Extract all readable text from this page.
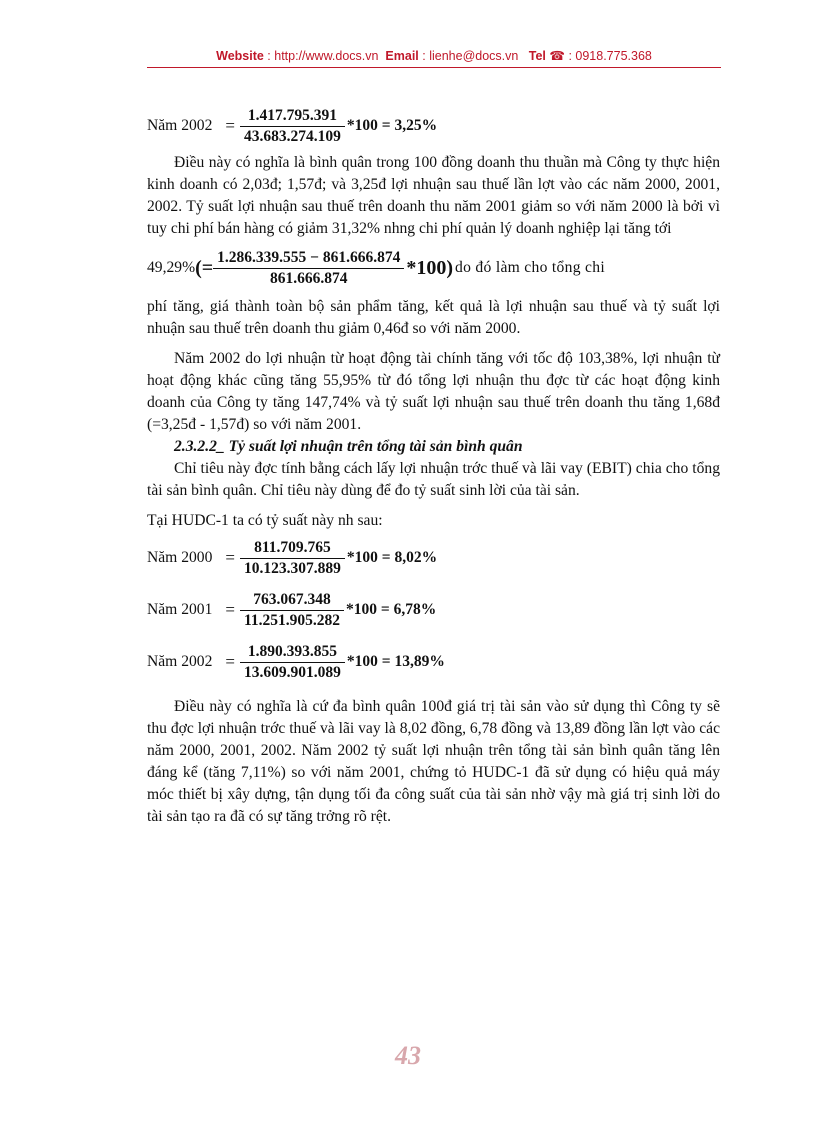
Website : http://www.docs.vn Email : lienhe@docs.vn Tel ☎ : 0918.775.368
Năm $2002 = \frac{1.417.795.391}{43.683.274.109} *100 = 3,25\%$

Điều này có nghĩa là bình quân trong 100 đồng doanh thu thuần mà Công ty thực hiện kinh doanh có 2,03đ; 1,57đ; và 3,25đ lợi nhuận sau thuế lần lợt vào các năm 2000, 2001, 2002. Tỷ suất lợi nhuận sau thuế trên doanh thu năm 2001 giảm so với năm 2000 là bởi vì tuy chi phí bán hàng có giảm 31,32% nhng chi phí quản lý doanh nghiệp lại tăng tới

49,29% (= $\frac{1.286.339.555 - 861.666.874}{861.666.874} *100$) do đó làm cho tổng chi

phí tăng, giá thành toàn bộ sản phẩm tăng, kết quả là lợi nhuận sau thuế và tỷ suất lợi nhuận sau thuế trên doanh thu giảm 0,46đ so với năm 2000.

Năm 2002 do lợi nhuận từ hoạt động tài chính tăng với tốc độ 103,38%, lợi nhuận từ hoạt động khác cũng tăng 55,95% từ đó tổng lợi nhuận thu đợc từ các hoạt động kinh doanh của Công ty tăng 147,74% và tỷ suất lợi nhuận sau thuế trên doanh thu tăng 1,68đ (=3,25đ - 1,57đ) so với năm 2001.

2.3.2.2_ Tỷ suất lợi nhuận trên tổng tài sản bình quân

Chỉ tiêu này đợc tính bằng cách lấy lợi nhuận trớc thuế và lãi vay (EBIT) chia cho tổng tài sản bình quân. Chỉ tiêu này dùng để đo tỷ suất sinh lời của tài sản.

Tại HUDC-1 ta có tỷ suất này nh sau:

Năm $2000 = \frac{811.709.765}{10.123.307.889} *100 = 8,02\%$
Năm $2001 = \frac{763.067.348}{11.251.905.282} *100 = 6,78\%$
Năm $2002 = \frac{1.890.393.855}{13.609.901.089} *100 = 13,89\%$

Điều này có nghĩa là cứ đa bình quân 100đ giá trị tài sản vào sử dụng thì Công ty sẽ thu đợc lợi nhuận trớc thuế và lãi vay là 8,02 đồng, 6,78 đồng và 13,89 đồng lần lợt vào các năm 2000, 2001, 2002. Năm 2002 tỷ suất lợi nhuận trên tổng tài sản bình quân tăng lên đáng kể (tăng 7,11%) so với năm 2001, chứng tỏ HUDC-1 đã sử dụng có hiệu quả máy móc thiết bị xây dựng, tận dụng tối đa công suất của tài sản nhờ vậy mà giá trị sinh lời do tài sản tạo ra đã có sự tăng trởng rõ rệt.

43
